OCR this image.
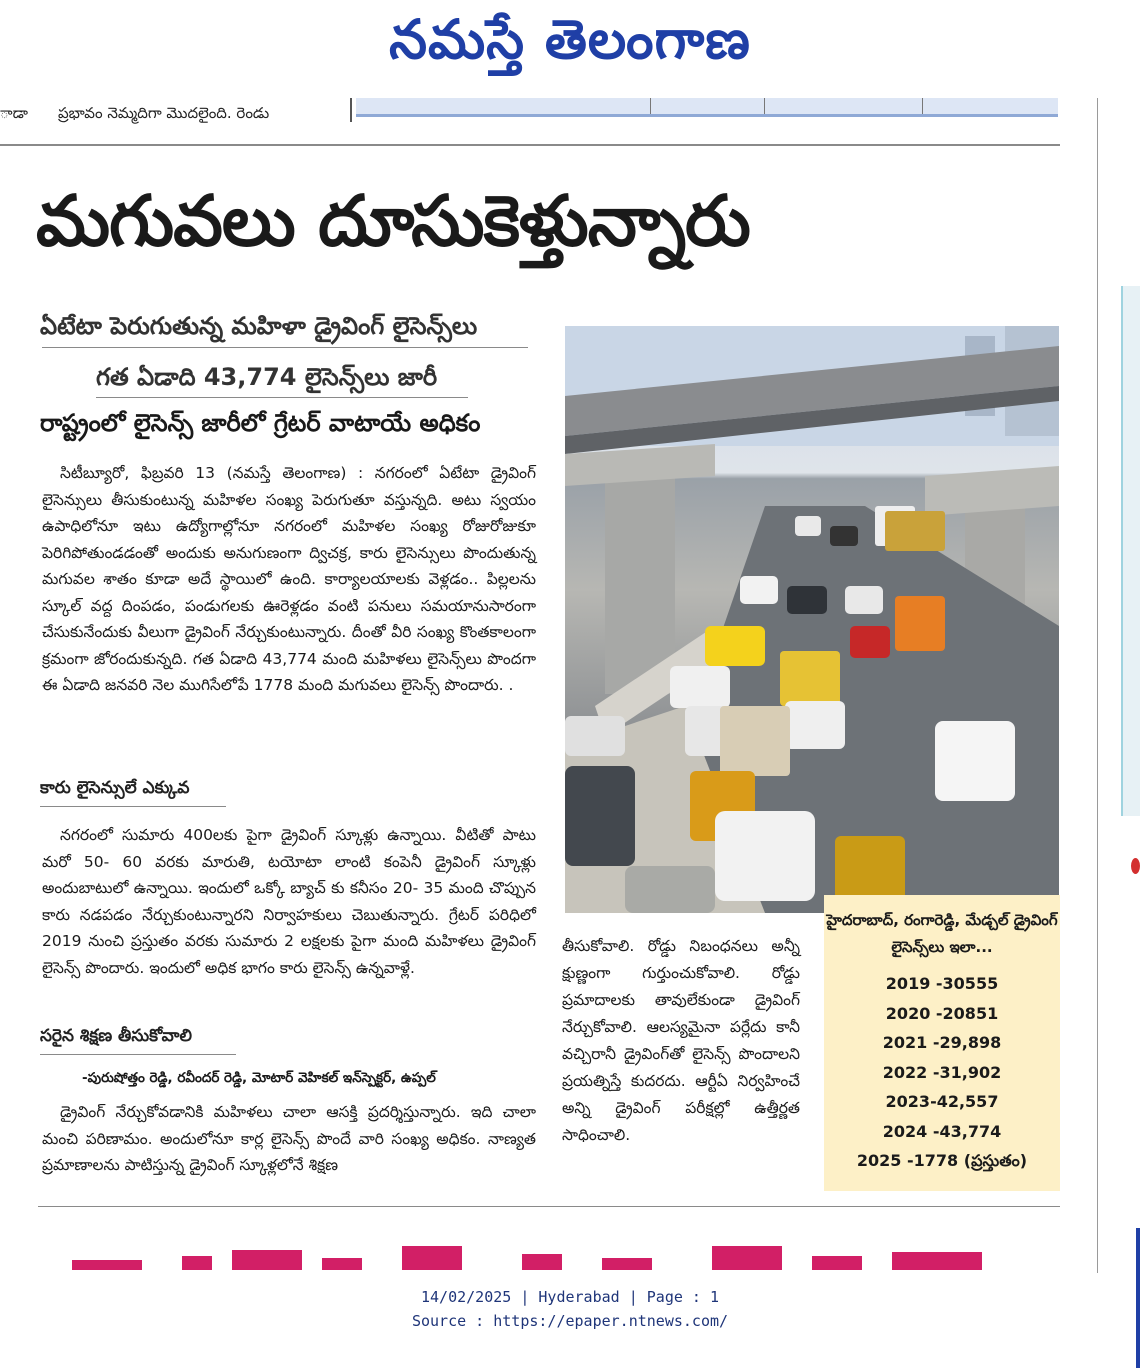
నమస్తే తెలంగాణ
ాడా ప్రభావం నెమ్మదిగా మొదలైంది. రెండు
మగువలు దూసుకెళ్తున్నారు
ఏటేటా పెరుగుతున్న మహిళా డ్రైవింగ్ లైసెన్స్‌లు
గత ఏడాది 43,774 లైసెన్స్‌లు జారీ
రాష్ట్రంలో లైసెన్స్ జారీలో గ్రేటర్ వాటాయే అధికం
సిటీబ్యూరో, ఫిబ్రవరి 13 (నమస్తే తెలంగాణ) : నగరంలో ఏటేటా డ్రైవింగ్ లైసెన్సులు తీసుకుంటున్న మహిళల సంఖ్య పెరుగుతూ వస్తున్నది. అటు స్వయం ఉపాధిలోనూ ఇటు ఉద్యోగాల్లోనూ నగరంలో మహిళల సంఖ్య రోజురోజుకూ పెరిగిపోతుండడంతో అందుకు అనుగుణంగా ద్విచక్ర, కారు లైసెన్సులు పొందుతున్న మగువల శాతం కూడా అదే స్థాయిలో ఉంది. కార్యాలయాలకు వెళ్లడం.. పిల్లలను స్కూల్ వద్ద దింపడం, పండుగలకు ఊరెళ్లడం వంటి పనులు సమయానుసారంగా చేసుకునేందుకు వీలుగా డ్రైవింగ్ నేర్చుకుంటున్నారు. దీంతో వీరి సంఖ్య కొంతకాలంగా క్రమంగా జోరందుకున్నది. గత ఏడాది 43,774 మంది మహిళలు లైసెన్స్‌లు పొందగా ఈ ఏడాది జనవరి నెల ముగిసేలోపే 1778 మంది మగువలు లైసెన్స్ పొందారు. .
కారు లైసెన్సులే ఎక్కువ
నగరంలో సుమారు 400లకు పైగా డ్రైవింగ్ స్కూళ్లు ఉన్నాయి. వీటితో పాటు మరో 50- 60 వరకు మారుతి, టయోటా లాంటి కంపెనీ డ్రైవింగ్ స్కూళ్లు అందుబాటులో ఉన్నాయి. ఇందులో ఒక్కో బ్యాచ్ కు కనీసం 20- 35 మంది చొప్పున కారు నడపడం నేర్చుకుంటున్నారని నిర్వాహకులు చెబుతున్నారు. గ్రేటర్ పరిధిలో 2019 నుంచి ప్రస్తుతం వరకు సుమారు 2 లక్షలకు పైగా మంది మహిళలు డ్రైవింగ్ లైసెన్స్ పొందారు. ఇందులో అధిక భాగం కారు లైసెన్స్ ఉన్నవాళ్లే.
సరైన శిక్షణ తీసుకోవాలి
-పురుషోత్తం రెడ్డి, రవీందర్ రెడ్డి, మోటార్ వెహికల్ ఇన్‌స్పెక్టర్, ఉప్పల్
డ్రైవింగ్ నేర్చుకోవడానికి మహిళలు చాలా ఆసక్తి ప్రదర్శిస్తున్నారు. ఇది చాలా మంచి పరిణామం. అందులోనూ కార్ల లైసెన్స్ పొందే వారి సంఖ్య అధికం. నాణ్యత ప్రమాణాలను పాటిస్తున్న డ్రైవింగ్ స్కూళ్లలోనే శిక్షణ
తీసుకోవాలి. రోడ్డు నిబంధనలు అన్నీ క్షుణ్ణంగా గుర్తుంచుకోవాలి. రోడ్డు ప్రమాదాలకు తావులేకుండా డ్రైవింగ్ నేర్చుకోవాలి. ఆలస్యమైనా పర్లేదు కానీ వచ్చిరానీ డ్రైవింగ్‌తో లైసెన్స్ పొందాలని ప్రయత్నిస్తే కుదరదు. ఆర్టీఏ నిర్వహించే అన్ని డ్రైవింగ్ పరీక్షల్లో ఉత్తీర్ణత సాధించాలి.
హైదరాబాద్, రంగారెడ్డి, మేడ్చల్ డ్రైవింగ్ లైసెన్స్‌లు ఇలా...
2019 -30555
2020 -20851
2021 -29,898
2022 -31,902
2023-42,557
2024 -43,774
2025 -1778 (ప్రస్తుతం)
14/02/2025 | Hyderabad | Page : 1
Source : https://epaper.ntnews.com/
